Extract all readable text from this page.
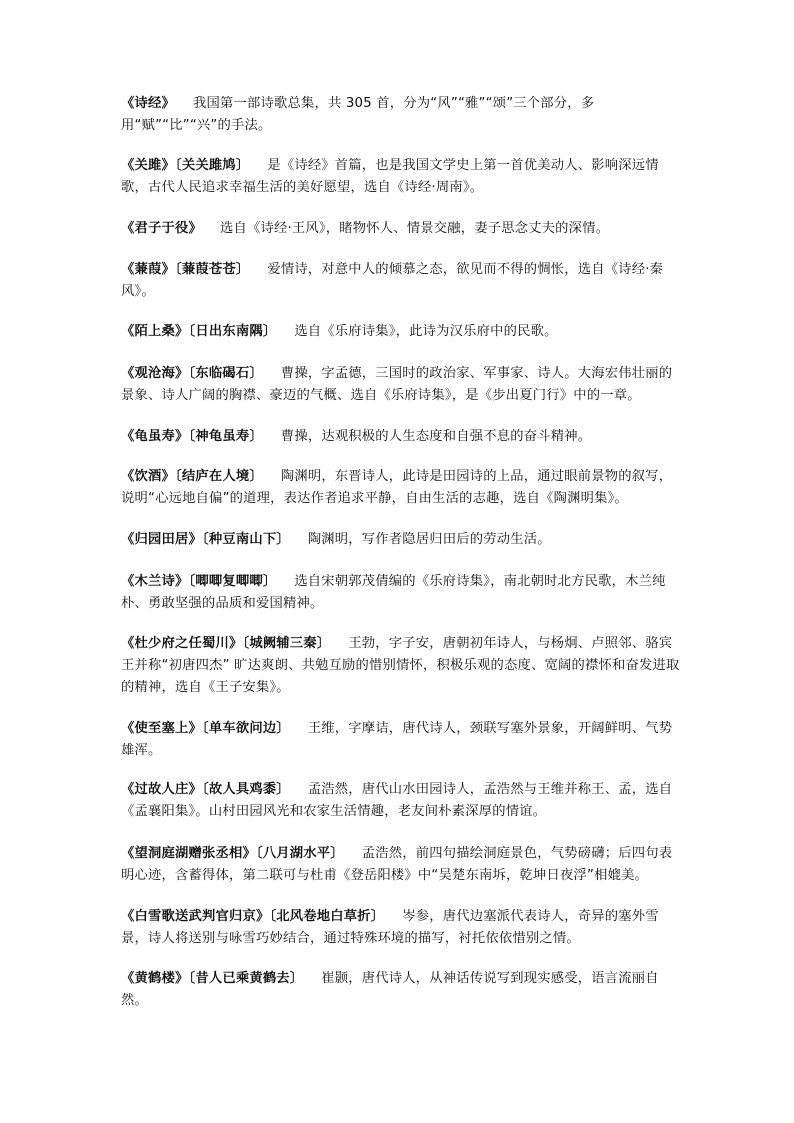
《诗经》 我国第一部诗歌总集，共 305 首，分为“风”“雅”“颂”三个部分，多用“赋”“比”“兴”的手法。

《关雎》〔关关雎鸠〕 是《诗经》首篇，也是我国文学史上第一首优美动人、影响深远情歌，古代人民追求幸福生活的美好愿望，选自《诗经·周南》。

《君子于役》 选自《诗经·王风》，睹物怀人、情景交融，妻子思念丈夫的深情。

《蒹葭》〔蒹葭苍苍〕 爱情诗，对意中人的倾慕之态，欲见而不得的惆怅，选自《诗经·秦风》。

《陌上桑》〔日出东南隅〕 选自《乐府诗集》，此诗为汉乐府中的民歌。

《观沧海》〔东临碣石〕 曹操，字孟德，三国时的政治家、军事家、诗人。大海宏伟壮丽的景象、诗人广阔的胸襟、豪迈的气概、选自《乐府诗集》，是《步出夏门行》中的一章。

《龟虽寿》〔神龟虽寿〕 曹操，达观积极的人生态度和自强不息的奋斗精神。

《饮酒》〔结庐在人境〕 陶渊明，东晋诗人，此诗是田园诗的上品，通过眼前景物的叙写，说明“心远地自偏”的道理，表达作者追求平静，自由生活的志趣，选自《陶渊明集》。

《归园田居》〔种豆南山下〕 陶渊明，写作者隐居归田后的劳动生活。

《木兰诗》〔唧唧复唧唧〕 选自宋朝郭茂倩编的《乐府诗集》，南北朝时北方民歌，木兰纯朴、勇敢坚强的品质和爱国精神。

《杜少府之任蜀川》〔城阙辅三秦〕 王勃，字子安，唐朝初年诗人，与杨炯、卢照邻、骆宾王并称“初唐四杰” 旷达爽朗、共勉互励的惜别情怀，积极乐观的态度、宽阔的襟怀和奋发进取的精神，选自《王子安集》。

《使至塞上》〔单车欲问边〕 王维，字摩诘，唐代诗人，颈联写塞外景象，开阔鲜明、气势雄浑。

《过故人庄》〔故人具鸡黍〕 孟浩然，唐代山水田园诗人，孟浩然与王维并称王、孟，选自《孟襄阳集》。山村田园风光和农家生活情趣，老友间朴素深厚的情谊。

《望洞庭湖赠张丞相》〔八月湖水平〕 孟浩然，前四句描绘洞庭景色，气势磅礴；后四句表明心迹，含蓄得体，第二联可与杜甫《登岳阳楼》中“吴楚东南坼，乾坤日夜浮”相媲美。

《白雪歌送武判官归京》〔北风卷地白草折〕 岑参，唐代边塞派代表诗人，奇异的塞外雪景，诗人将送别与咏雪巧妙结合，通过特殊环境的描写，衬托依依惜别之情。

《黄鹤楼》〔昔人已乘黄鹤去〕 崔颢，唐代诗人，从神话传说写到现实感受，语言流丽自然。
